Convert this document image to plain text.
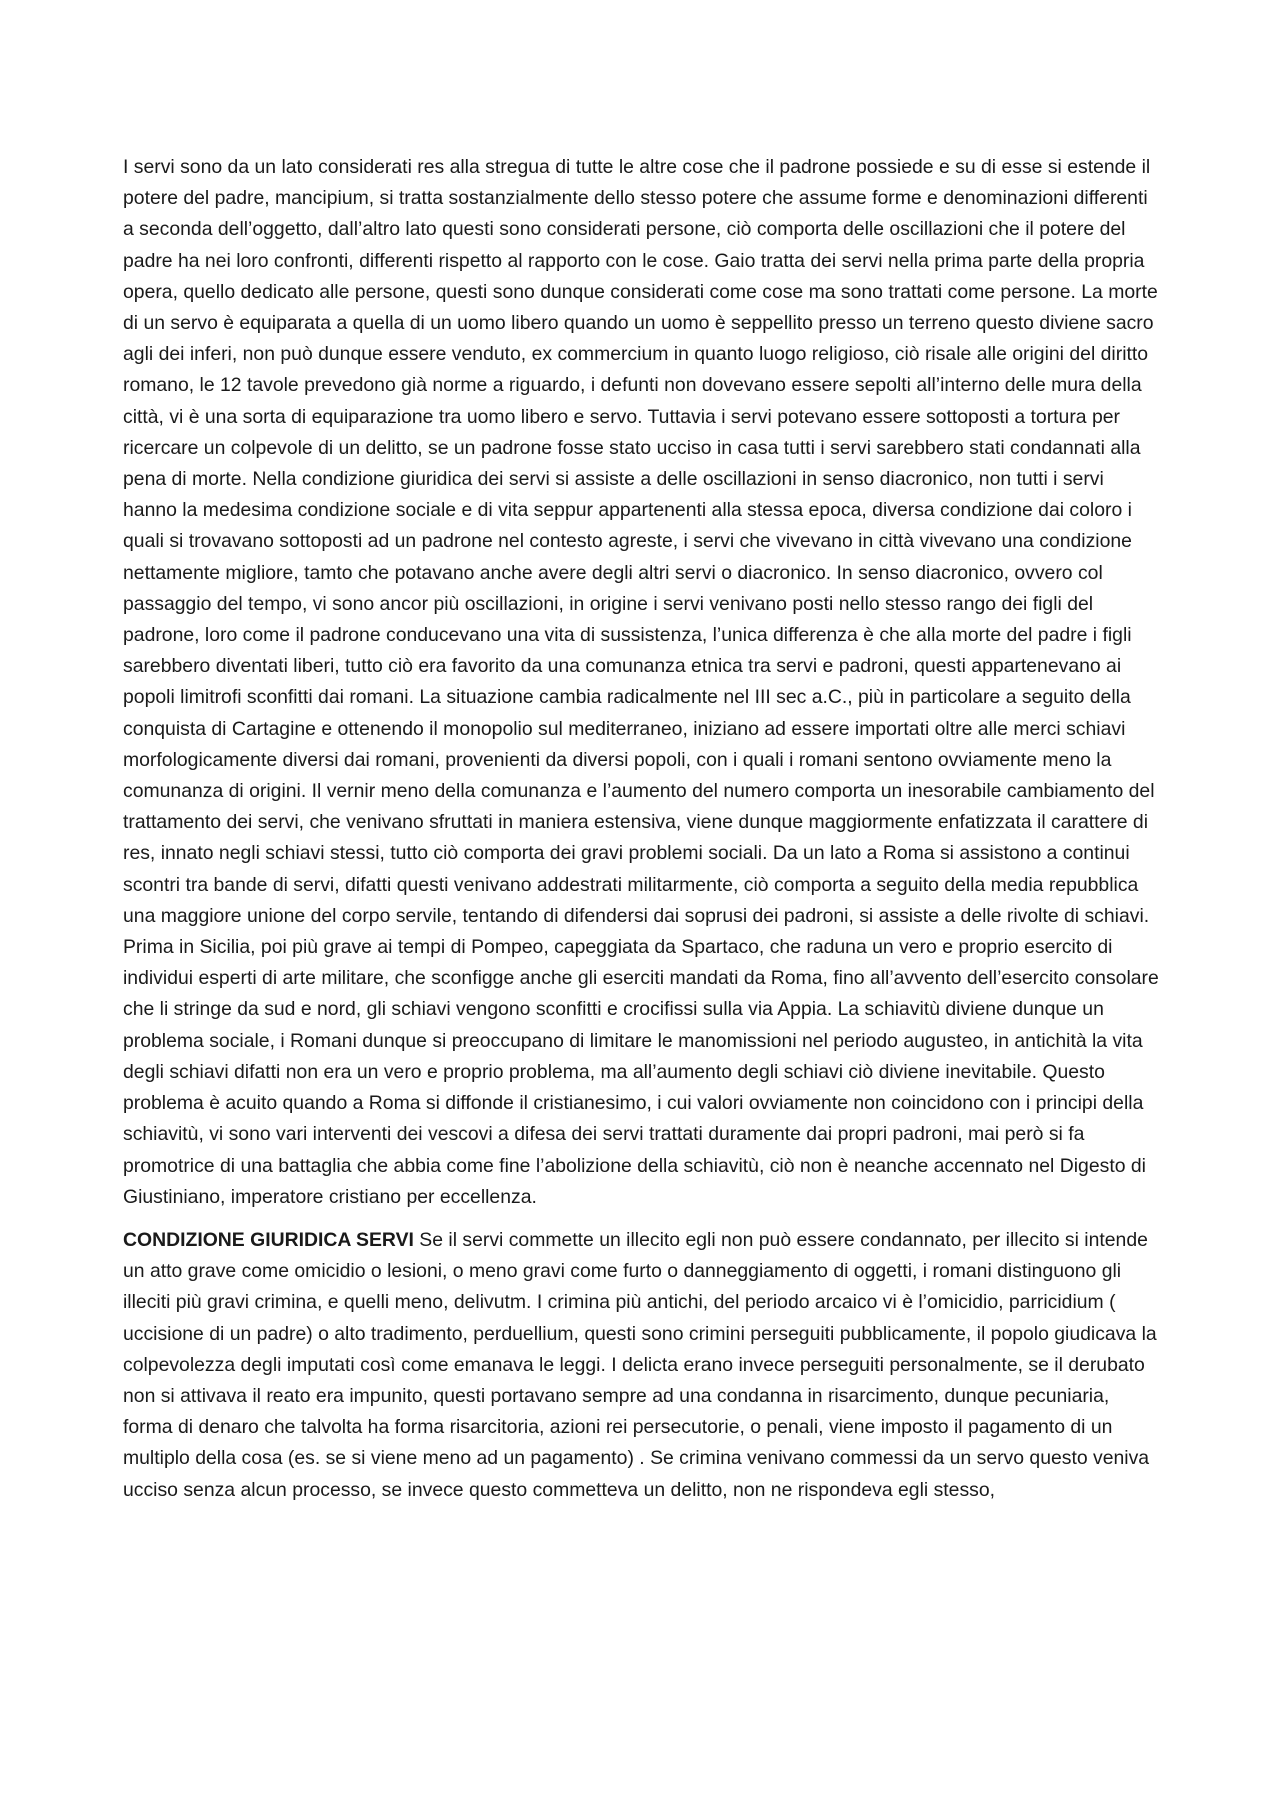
I servi sono da un lato considerati res alla stregua di tutte le altre cose che il padrone possiede e su di esse si estende il potere del padre, mancipium, si tratta sostanzialmente dello stesso potere che assume forme e denominazioni differenti a seconda dell’oggetto, dall’altro lato questi sono considerati persone, ciò comporta delle oscillazioni che il potere del padre ha nei loro confronti, differenti rispetto al rapporto con le cose. Gaio tratta dei servi nella prima parte della propria opera, quello dedicato alle persone, questi sono dunque considerati come cose ma sono trattati come persone. La morte di un servo è equiparata a quella di un uomo libero quando un uomo è seppellito presso un terreno questo diviene sacro agli dei inferi, non può dunque essere venduto, ex commercium in quanto luogo religioso, ciò risale alle origini del diritto romano, le 12 tavole prevedono già norme a riguardo, i defunti non dovevano essere sepolti all’interno delle mura della città, vi è una sorta di equiparazione tra uomo libero e servo. Tuttavia i servi potevano essere sottoposti a tortura per ricercare un colpevole di un delitto, se un padrone fosse stato ucciso in casa tutti i servi sarebbero stati condannati alla pena di morte. Nella condizione giuridica dei servi si assiste a delle oscillazioni in senso diacronico, non tutti i servi hanno la medesima condizione sociale e di vita seppur appartenenti alla stessa epoca, diversa condizione dai coloro i quali si trovavano sottoposti ad un padrone nel contesto agreste, i servi che vivevano in città vivevano una condizione nettamente migliore, tamto che potavano anche avere degli altri servi o diacronico. In senso diacronico, ovvero col passaggio del tempo, vi sono ancor più oscillazioni, in origine i servi venivano posti nello stesso rango dei figli del padrone, loro come il padrone conducevano una vita di sussistenza, l’unica differenza è che alla morte del padre i figli sarebbero diventati liberi, tutto ciò era favorito da una comunanza etnica tra servi e padroni, questi appartenevano ai popoli limitrofi sconfitti dai romani. La situazione cambia radicalmente nel III sec a.C., più in particolare a seguito della conquista di Cartagine e ottenendo il monopolio sul mediterraneo, iniziano ad essere importati oltre alle merci schiavi morfologicamente diversi dai romani, provenienti da diversi popoli, con i quali i romani sentono ovviamente meno la comunanza di origini. Il vernir meno della comunanza e l’aumento del numero comporta un inesorabile cambiamento del trattamento dei servi, che venivano sfruttati in maniera estensiva, viene dunque maggiormente enfatizzata il carattere di res, innato negli schiavi stessi, tutto ciò comporta dei gravi problemi sociali. Da un lato a Roma si assistono a continui scontri tra bande di servi, difatti questi venivano addestrati militarmente, ciò comporta a seguito della media repubblica una maggiore unione del corpo servile, tentando di difendersi dai soprusi dei padroni, si assiste a delle rivolte di schiavi. Prima in Sicilia, poi più grave ai tempi di Pompeo, capeggiata da Spartaco, che raduna un vero e proprio esercito di individui esperti di arte militare, che sconfigge anche gli eserciti mandati da Roma, fino all’avvento dell’esercito consolare che li stringe da sud e nord, gli schiavi vengono sconfitti e crocifissi sulla via Appia. La schiavitù diviene dunque un problema sociale, i Romani dunque si preoccupano di limitare le manomissioni nel periodo augusteo, in antichità la vita degli schiavi difatti non era un vero e proprio problema, ma all’aumento degli schiavi ciò diviene inevitabile. Questo problema è acuito quando a Roma si diffonde il cristianesimo, i cui valori ovviamente non coincidono con i principi della schiavitù, vi sono vari interventi dei vescovi a difesa dei servi trattati duramente dai propri padroni, mai però si fa promotrice di una battaglia che abbia come fine l’abolizione della schiavitù, ciò non è neanche accennato nel Digesto di Giustiniano, imperatore cristiano per eccellenza.

CONDIZIONE GIURIDICA SERVI Se il servi commette un illecito egli non può essere condannato, per illecito si intende un atto grave come omicidio o lesioni, o meno gravi come furto o danneggiamento di oggetti, i romani distinguono gli illeciti più gravi crimina, e quelli meno, delivutm. I crimina più antichi, del periodo arcaico vi è l’omicidio, parricidium ( uccisione di un padre) o alto tradimento, perduellium, questi sono crimini perseguiti pubblicamente, il popolo giudicava la colpevolezza degli imputati così come emanava le leggi. I delicta erano invece perseguiti personalmente, se il derubato non si attivava il reato era impunito, questi portavano sempre ad una condanna in risarcimento, dunque pecuniaria, forma di denaro che talvolta ha forma risarcitoria, azioni rei persecutorie, o penali, viene imposto il pagamento di un multiplo della cosa (es. se si viene meno ad un pagamento) . Se crimina venivano commessi da un servo questo veniva ucciso senza alcun processo, se invece questo commetteva un delitto, non ne rispondeva egli stesso,
